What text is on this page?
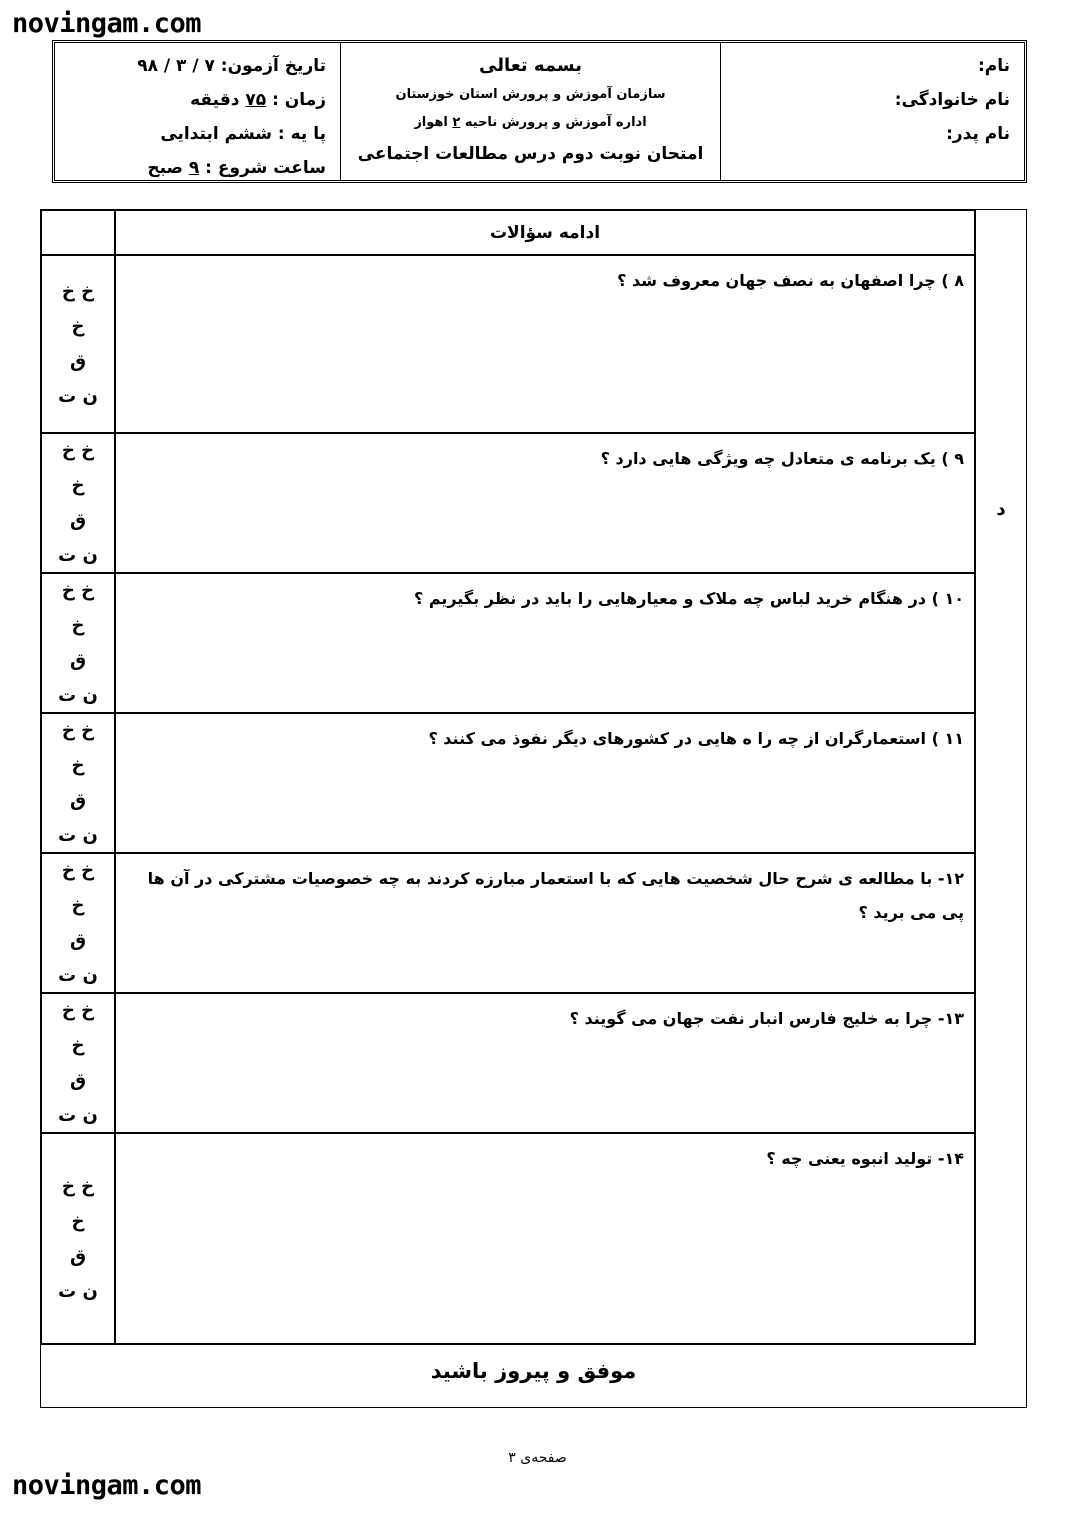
novingam.com
نام:
نام خانوادگی:
نام پدر:
بسمه تعالی
سازمان آموزش و پرورش استان خوزستان
اداره آموزش و پرورش ناحیه ۲ اهواز
امتحان نوبت دوم درس مطالعات اجتماعی
تاریخ آزمون: ۷ / ۳ / ۹۸
زمان : ۷۵ دقیقه
پا یه : ششم ابتدایی
ساعت شروع : ۹ صبح
د
ادامه سؤالات
۸ ) چرا اصفهان به نصف جهان معروف شد ؟
خ خ
خ
ق
ن ت
۹ ) یک برنامه ی متعادل چه ویژگی هایی دارد ؟
خ خ
خ
ق
ن ت
۱۰ ) در هنگام خرید لباس چه ملاک و معیارهایی را باید در نظر بگیریم ؟
خ خ
خ
ق
ن ت
۱۱ ) استعمارگران از چه را ه هایی در کشورهای دیگر نفوذ می کنند ؟
خ خ
خ
ق
ن ت
۱۲- با مطالعه ی شرح حال شخصیت هایی که با استعمار مبارزه کردند به چه خصوصیات مشترکی در آن ها پی می برید ؟
خ خ
خ
ق
ن ت
۱۳- چرا به خلیج فارس انبار نفت جهان می گویند ؟
خ خ
خ
ق
ن ت
۱۴- تولید انبوه یعنی چه ؟
خ خ
خ
ق
ن ت
موفق و پیروز باشید
صفحه‌ی ۳
novingam.com
